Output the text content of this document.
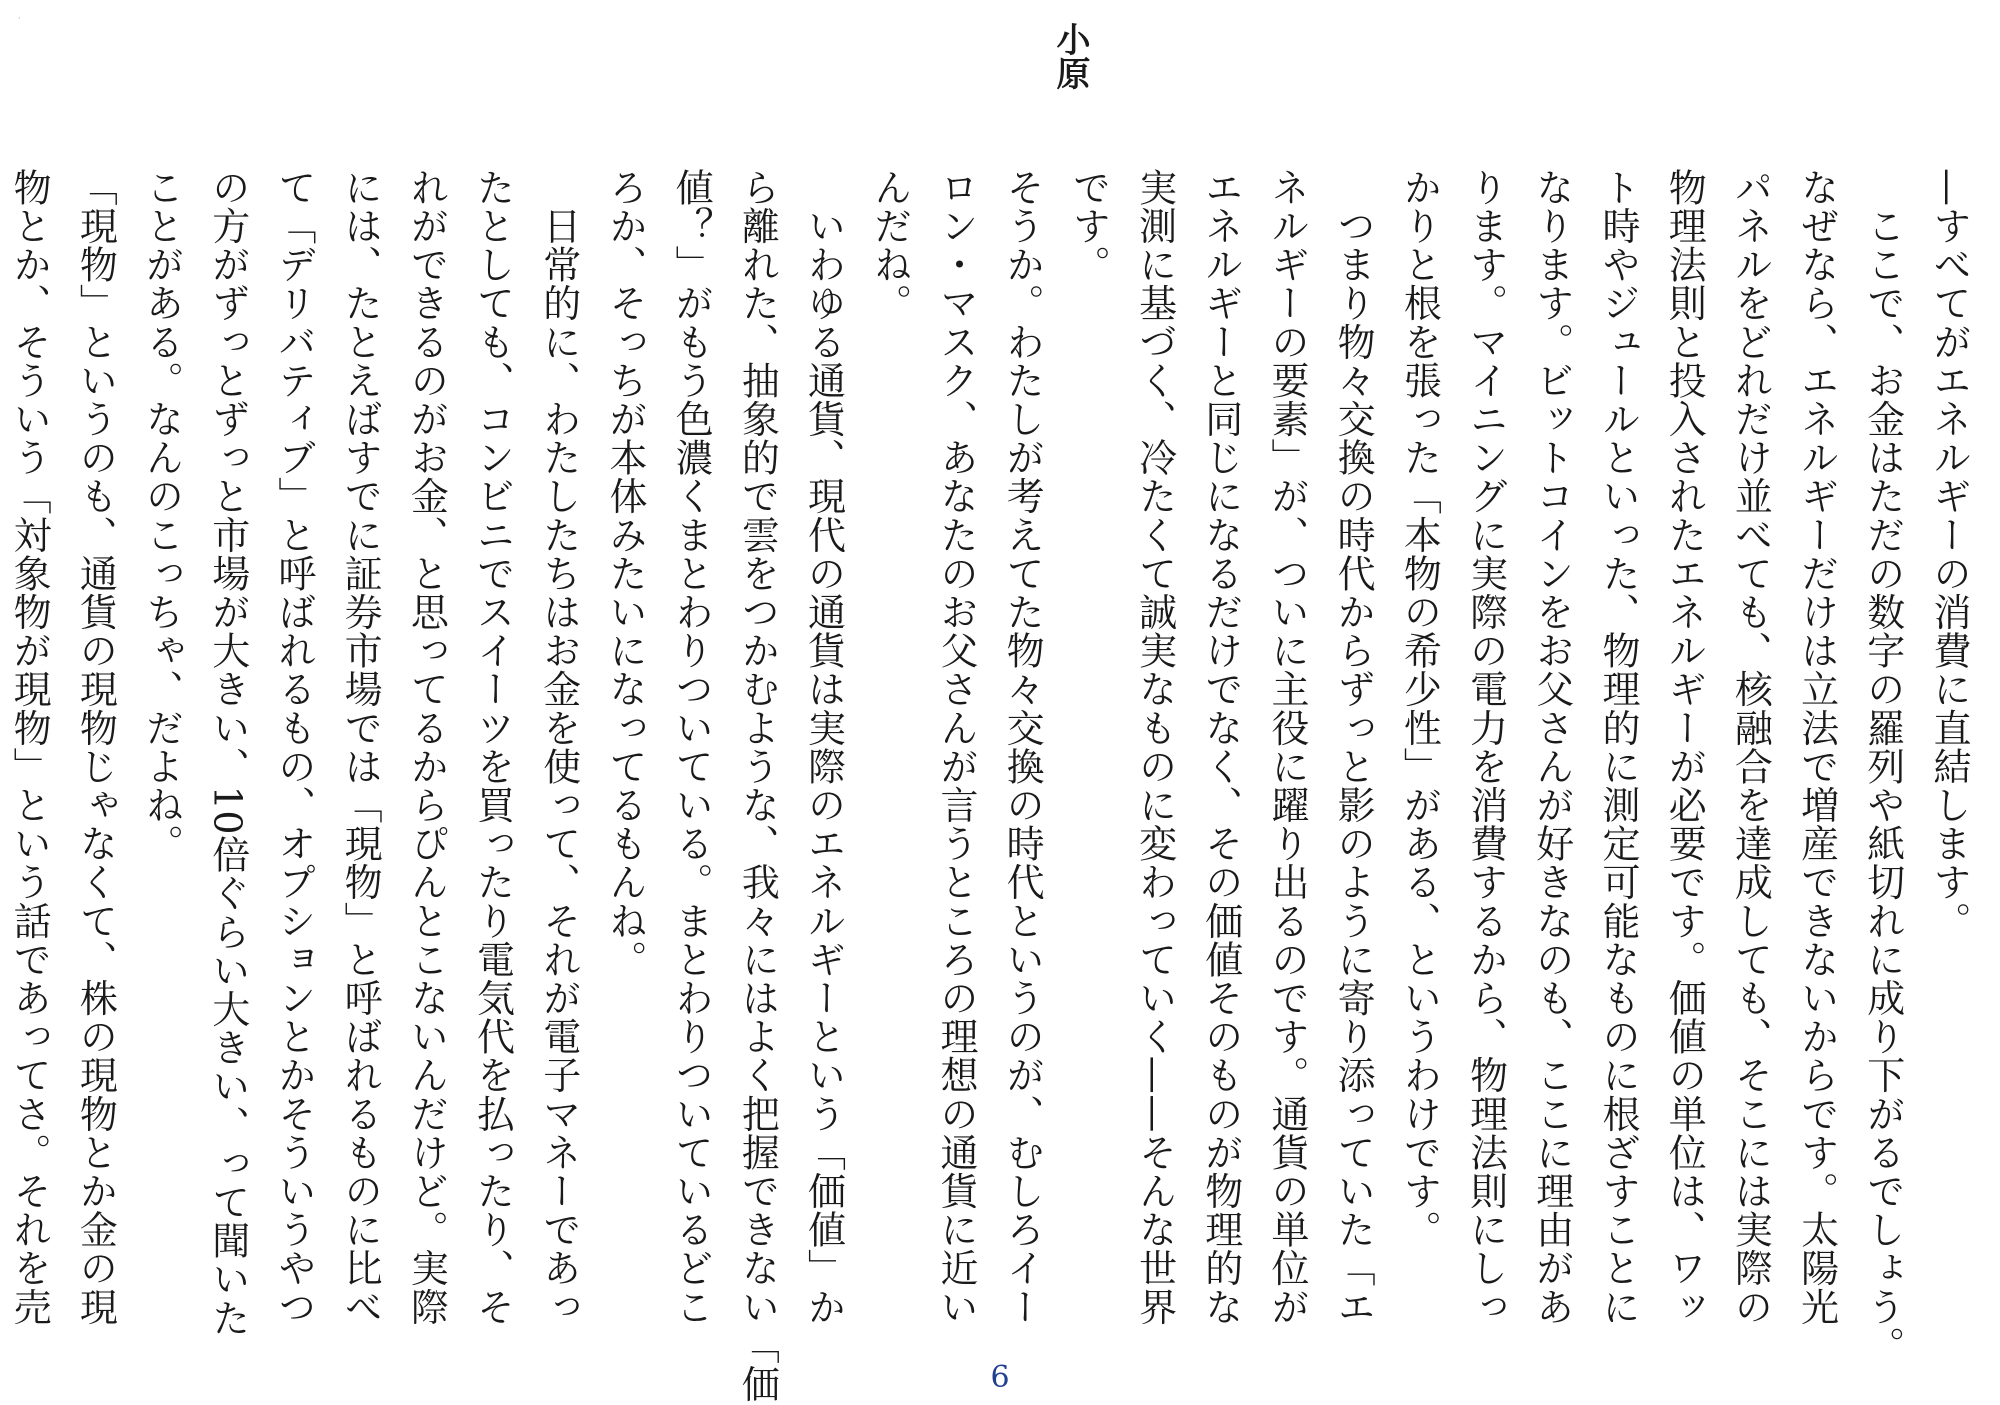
·
小原
—すべてがエネルギーの消費に直結します。
　ここで、お金はただの数字の羅列や紙切れに成り下がるでしょう。
なぜなら、エネルギーだけは立法で増産できないからです。太陽光
パネルをどれだけ並べても、核融合を達成しても、そこには実際の
物理法則と投入されたエネルギーが必要です。価値の単位は、ワッ
ト時やジュールといった、物理的に測定可能なものに根ざすことに
なります。ビットコインをお父さんが好きなのも、ここに理由があ
ります。マイニングに実際の電力を消費するから、物理法則にしっ
かりと根を張った「本物の希少性」がある、というわけです。
　つまり物々交換の時代からずっと影のように寄り添っていた「エ
ネルギーの要素」が、ついに主役に躍り出るのです。通貨の単位が
エネルギーと同じになるだけでなく、その価値そのものが物理的な
実測に基づく、冷たくて誠実なものに変わっていく——そんな世界
です。
そうか。わたしが考えてた物々交換の時代というのが、むしろイー
ロン・マスク、あなたのお父さんが言うところの理想の通貨に近い
んだね。
　いわゆる通貨、現代の通貨は実際のエネルギーという「価値」か
ら離れた、抽象的で雲をつかむような、我々にはよく把握できない「価
値？」がもう色濃くまとわりついている。まとわりついているどこ
ろか、そっちが本体みたいになってるもんね。
　日常的に、わたしたちはお金を使って、それが電子マネーであっ
たとしても、コンビニでスイーツを買ったり電気代を払ったり、そ
れができるのがお金、と思ってるからぴんとこないんだけど。実際
には、たとえばすでに証券市場では「現物」と呼ばれるものに比べ
て「デリバティブ」と呼ばれるもの、オプションとかそういうやつ
の方がずっとずっと市場が大きい、10倍ぐらい大きい、って聞いた
ことがある。なんのこっちゃ、だよね。
「現物」というのも、通貨の現物じゃなくて、株の現物とか金の現
物とか、そういう「対象物が現物」という話であってさ。それを売
6
